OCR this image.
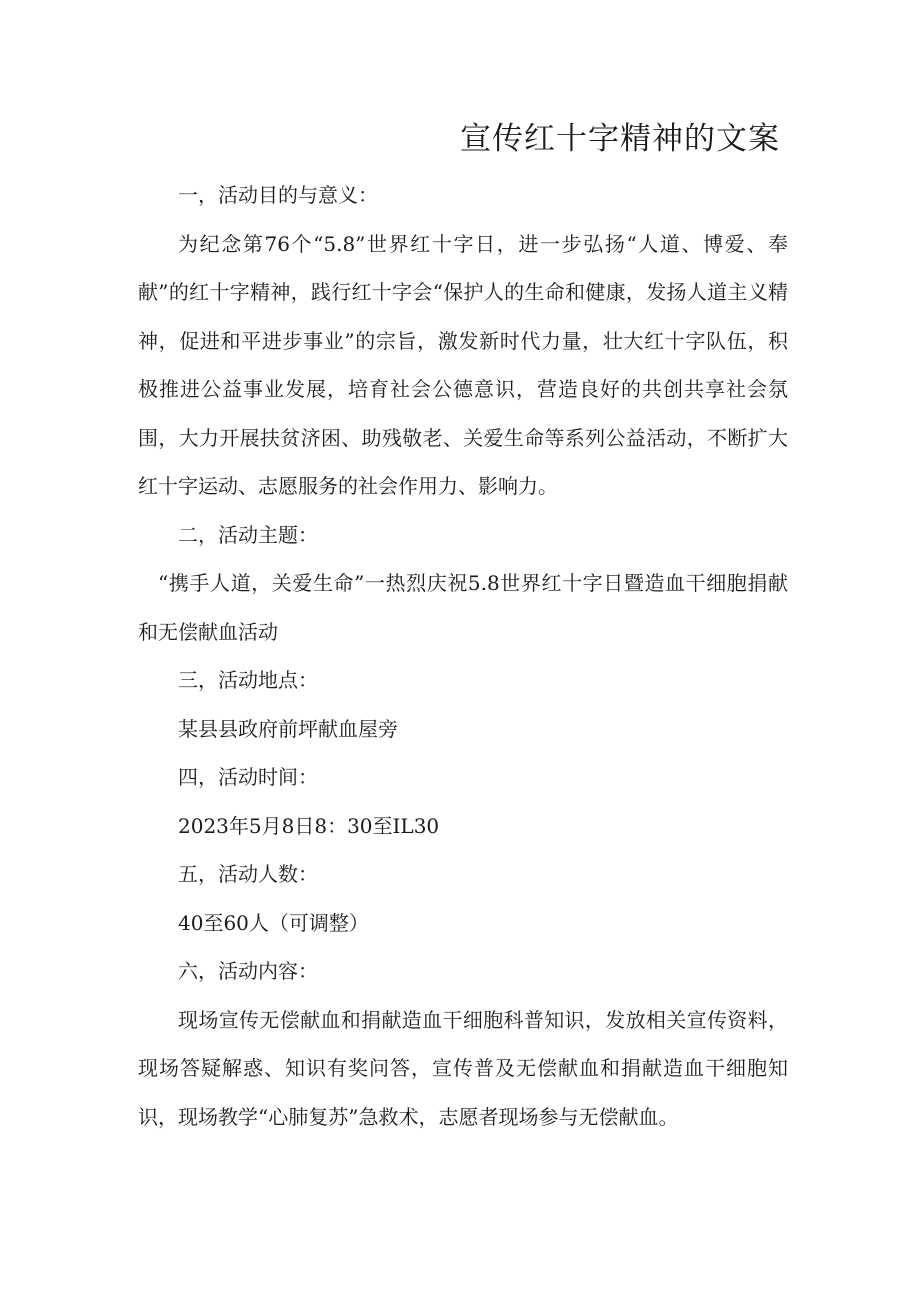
宣传红十字精神的文案

一，活动目的与意义：

为纪念第76个“5.8”世界红十字日，进一步弘扬“人道、博爱、奉献”的红十字精神，践行红十字会“保护人的生命和健康，发扬人道主义精神，促进和平进步事业”的宗旨，激发新时代力量，壮大红十字队伍，积极推进公益事业发展，培育社会公德意识，营造良好的共创共享社会氛围，大力开展扶贫济困、助残敬老、关爱生命等系列公益活动，不断扩大红十字运动、志愿服务的社会作用力、影响力。

二，活动主题：

“携手人道，关爱生命”一热烈庆祝5.8世界红十字日暨造血干细胞捐献和无偿献血活动

三，活动地点：

某县县政府前坪献血屋旁

四，活动时间：

2023年5月8日8：30至IL30

五，活动人数：

40至60人（可调整）

六，活动内容：

现场宣传无偿献血和捐献造血干细胞科普知识，发放相关宣传资料，现场答疑解惑、知识有奖问答，宣传普及无偿献血和捐献造血干细胞知识，现场教学“心肺复苏”急救术，志愿者现场参与无偿献血。
